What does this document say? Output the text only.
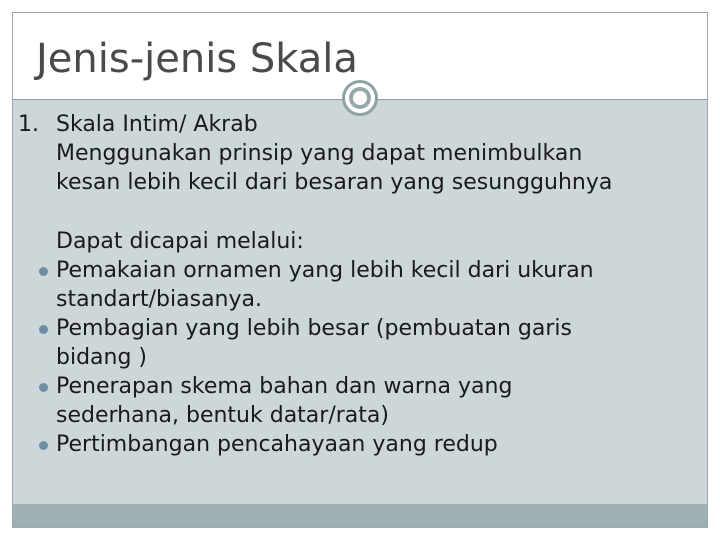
Jenis-jenis Skala

1. Skala Intim/ Akrab

Menggunakan prinsip yang dapat menimbulkan

kesan lebih kecil dari besaran yang sesungguhnya

Dapat dicapai melalui:

Pemakaian ornamen yang lebih kecil dari ukuran
standart/biasanya.
Pembagian yang lebih besar (pembuatan garis
bidang )
Penerapan skema bahan dan warna yang
sederhana, bentuk datar/rata)
Pertimbangan pencahayaan yang redup
